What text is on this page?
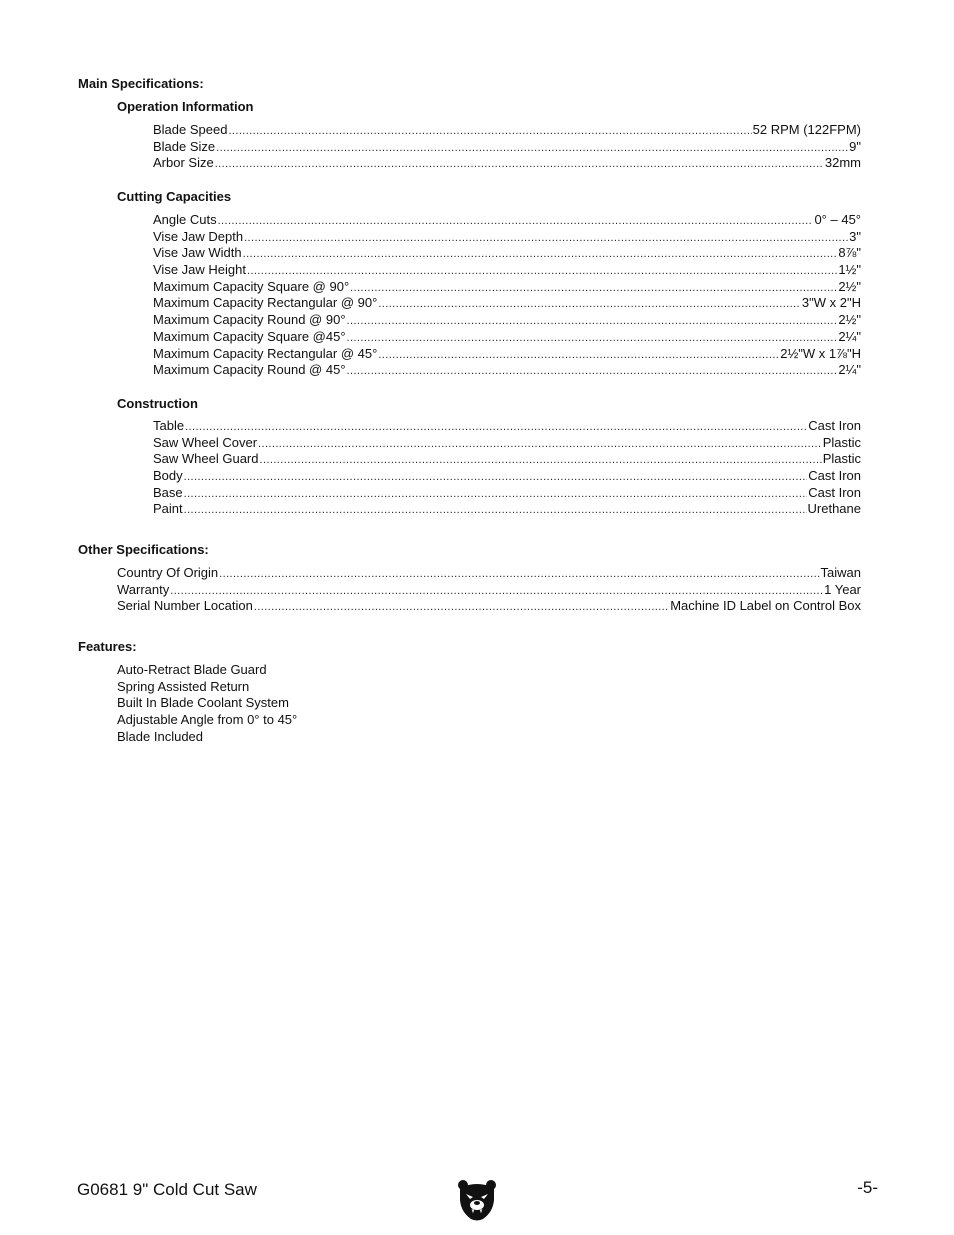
Main Specifications:
Operation Information
Blade Speed .....	52 RPM (122FPM)
Blade Size .....	9"
Arbor Size .....	32mm
Cutting Capacities
Angle Cuts .....	0° – 45°
Vise Jaw Depth .....	3"
Vise Jaw Width .....	8⅞"
Vise Jaw Height .....	1½"
Maximum Capacity Square @ 90° .....	2½"
Maximum Capacity Rectangular @ 90° .....	3"W x 2"H
Maximum Capacity Round @ 90° .....	2½"
Maximum Capacity Square @45° .....	2¼"
Maximum Capacity Rectangular @ 45° .....	2½"W x 1⅞"H
Maximum Capacity Round @ 45° .....	2¼"
Construction
Table .....	Cast Iron
Saw Wheel Cover .....	Plastic
Saw Wheel Guard .....	Plastic
Body .....	Cast Iron
Base .....	Cast Iron
Paint .....	Urethane
Other Specifications:
Country Of Origin .....	Taiwan
Warranty .....	1 Year
Serial Number Location .....	Machine ID Label on Control Box
Features:
Auto-Retract Blade Guard
Spring Assisted Return
Built In Blade Coolant System
Adjustable Angle from 0° to 45°
Blade Included
G0681 9" Cold Cut Saw	-5-
